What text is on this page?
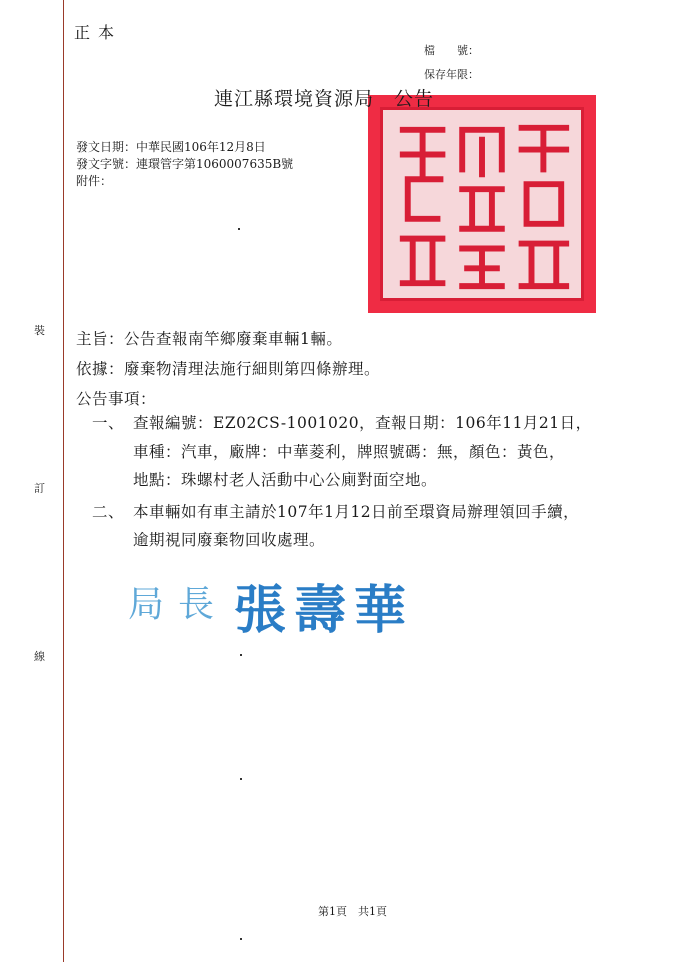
裝
訂
線
正本
檔　　號：
保存年限：
連江縣環境資源局　公告
發文日期：中華民國106年12月8日
發文字號：連環管字第1060007635B號
附件：
主旨：公告查報南竿鄉廢棄車輛1輛。
依據：廢棄物清理法施行細則第四條辦理。
公告事項：
一、 查報編號：EZ02CS-1001020，查報日期：106年11月21日，
車種：汽車，廠牌：中華菱利，牌照號碼：無，顏色：黃色，
地點：珠螺村老人活動中心公廁對面空地。
二、 本車輛如有車主請於107年1月12日前至環資局辦理領回手續，
逾期視同廢棄物回收處理。
局長 張壽華
第1頁　共1頁
